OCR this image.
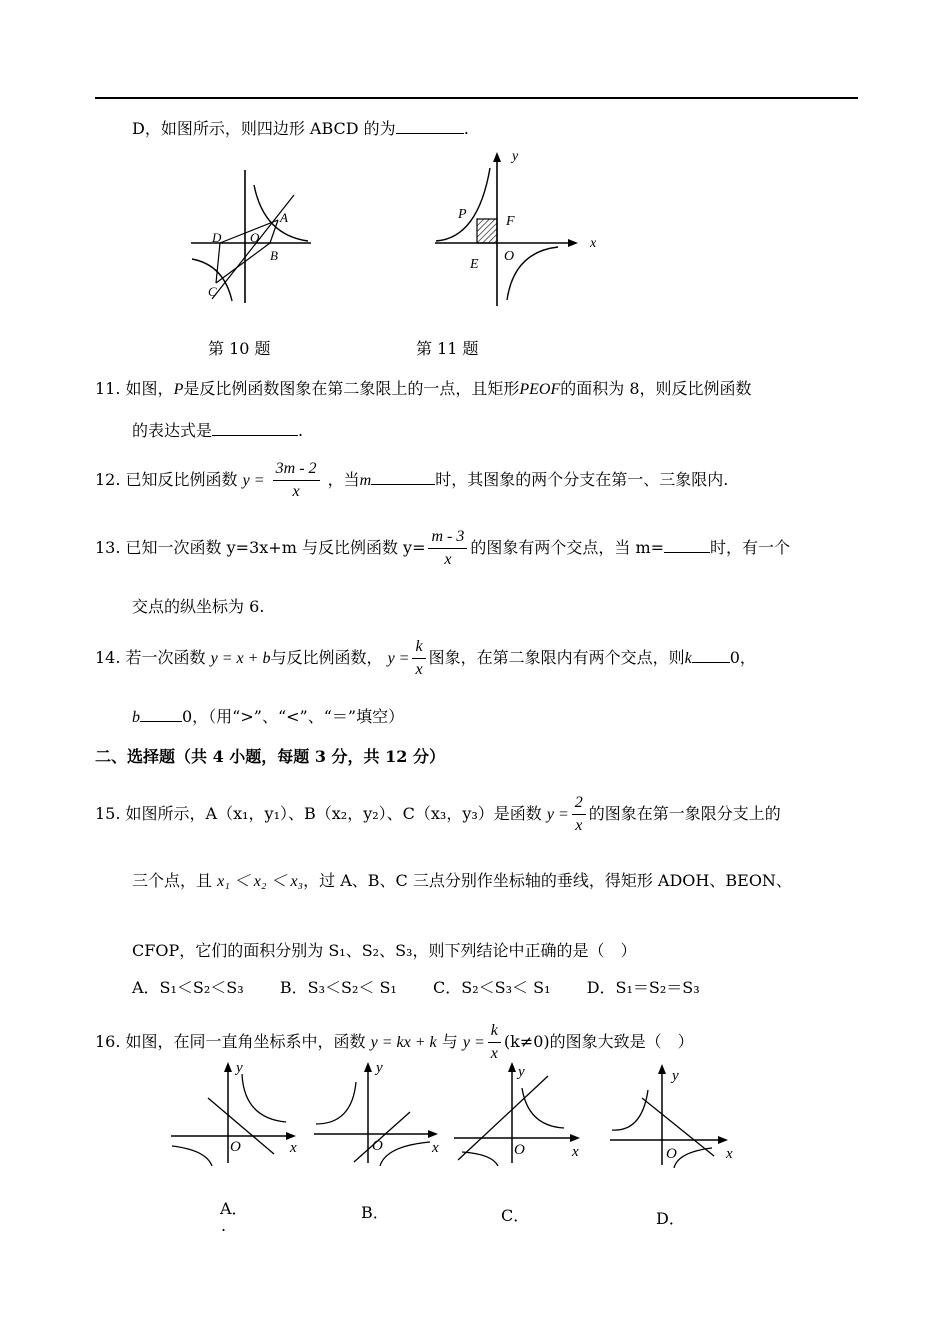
D，如图所示，则四边形 ABCD 的为	.
A
B
C
D O
y
x
P	F
E
O
第 10 题	第 11 题
11. 如图，P是反比例函数图象在第二象限上的一点，且矩形PEOF的面积为 8，则反比例函数
的表达式是	.
12. 已知反比例函数 $y = \frac{3m - 2}{x}$ ，当m	时，其图象的两个分支在第一、三象限内.
13. 已知一次函数 y=3x+m 与反比例函数 $y= \frac{m - 3}{x}$ 的图象有两个交点，当 m=	时，有一个
交点的纵坐标为 6.
14. 若一次函数 y = x + b与反比例函数， $y = \frac{k}{x}$ 图象，在第二象限内有两个交点，则k 0，
b	0，（用“>”、“<”、“＝”填空）
二、选择题（共 4 小题，每题 3 分，共 12 分）
15. 如图所示，A（x₁，y₁）、B（x₂，y₂）、C（x₃，y₃）是函数 $y = \frac{2}{x}$ 的图象在第一象限分支上的
三个点，且 x₁ ＜ x₂ ＜ x₃，过 A、B、C 三点分别作坐标轴的垂线，得矩形 ADOH、BEON、
CFOP，它们的面积分别为 S₁、S₂、S₃，则下列结论中正确的是（　）
A．S₁＜S₂＜S₃ B．S₃＜S₂＜ S₁ C．S₂＜S₃＜ S₁ D．S₁＝S₂＝S₃
16. 如图，在同一直角坐标系中，函数 y = kx + k 与 $y = \frac{k}{x} (k\ne 0)$的图象大致是（　）
y
x
O
y
x
O
y
x
O
y
x
O
A．
.
B．	C．	D．
